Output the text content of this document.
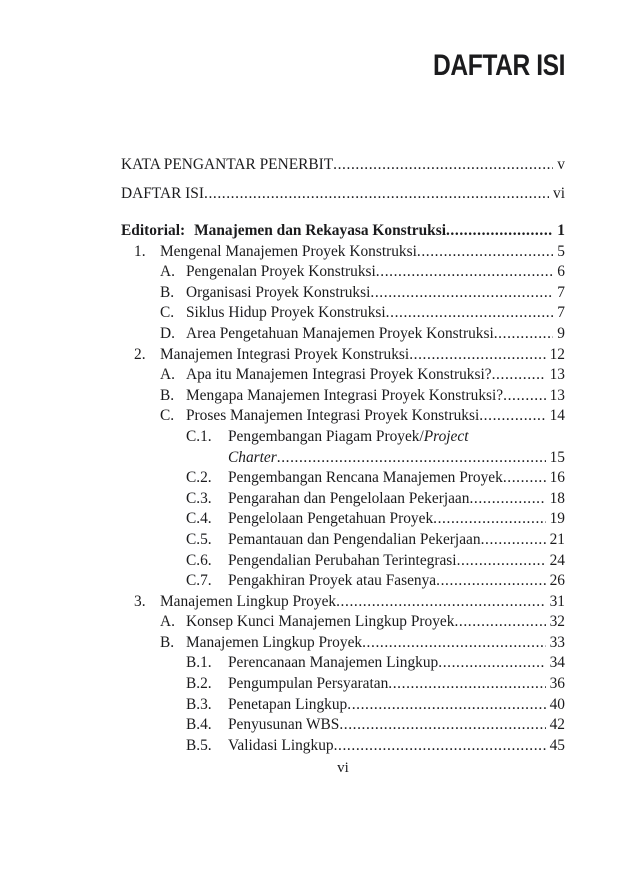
DAFTAR ISI
KATA PENGANTAR PENERBIT .....	v
DAFTAR ISI .....	vi
Editorial: Manajemen dan Rekayasa Konstruksi .....	1
1. Mengenal Manajemen Proyek Konstruksi .....	5
A. Pengenalan Proyek Konstruksi .....	6
B. Organisasi Proyek Konstruksi .....	7
C. Siklus Hidup Proyek Konstruksi .....	7
D. Area Pengetahuan Manajemen Proyek Konstruksi .....	9
2. Manajemen Integrasi Proyek Konstruksi .....	12
A. Apa itu Manajemen Integrasi Proyek Konstruksi? .....	13
B. Mengapa Manajemen Integrasi Proyek Konstruksi? .....	13
C. Proses Manajemen Integrasi Proyek Konstruksi .....	14
C.1.	Pengembangan Piagam Proyek/ Project
Charter .....	15
C.2.	Pengembangan Rencana Manajemen Proyek .....	16
C.3.	Pengarahan dan Pengelolaan Pekerjaan .....	18
C.4.	Pengelolaan Pengetahuan Proyek .....	19
C.5.	Pemantauan dan Pengendalian Pekerjaan .....	21
C.6.	Pengendalian Perubahan Terintegrasi .....	24
C.7.	Pengakhiran Proyek atau Fasenya .....	26
3. Manajemen Lingkup Proyek .....	31
A. Konsep Kunci Manajemen Lingkup Proyek .....	32
B. Manajemen Lingkup Proyek .....	33
B.1.	Perencanaan Manajemen Lingkup .....	34
B.2.	Pengumpulan Persyaratan .....	36
B.3.	Penetapan Lingkup .....	40
B.4.	Penyusunan WBS .....	42
B.5.	Validasi Lingkup .....	45
vi
